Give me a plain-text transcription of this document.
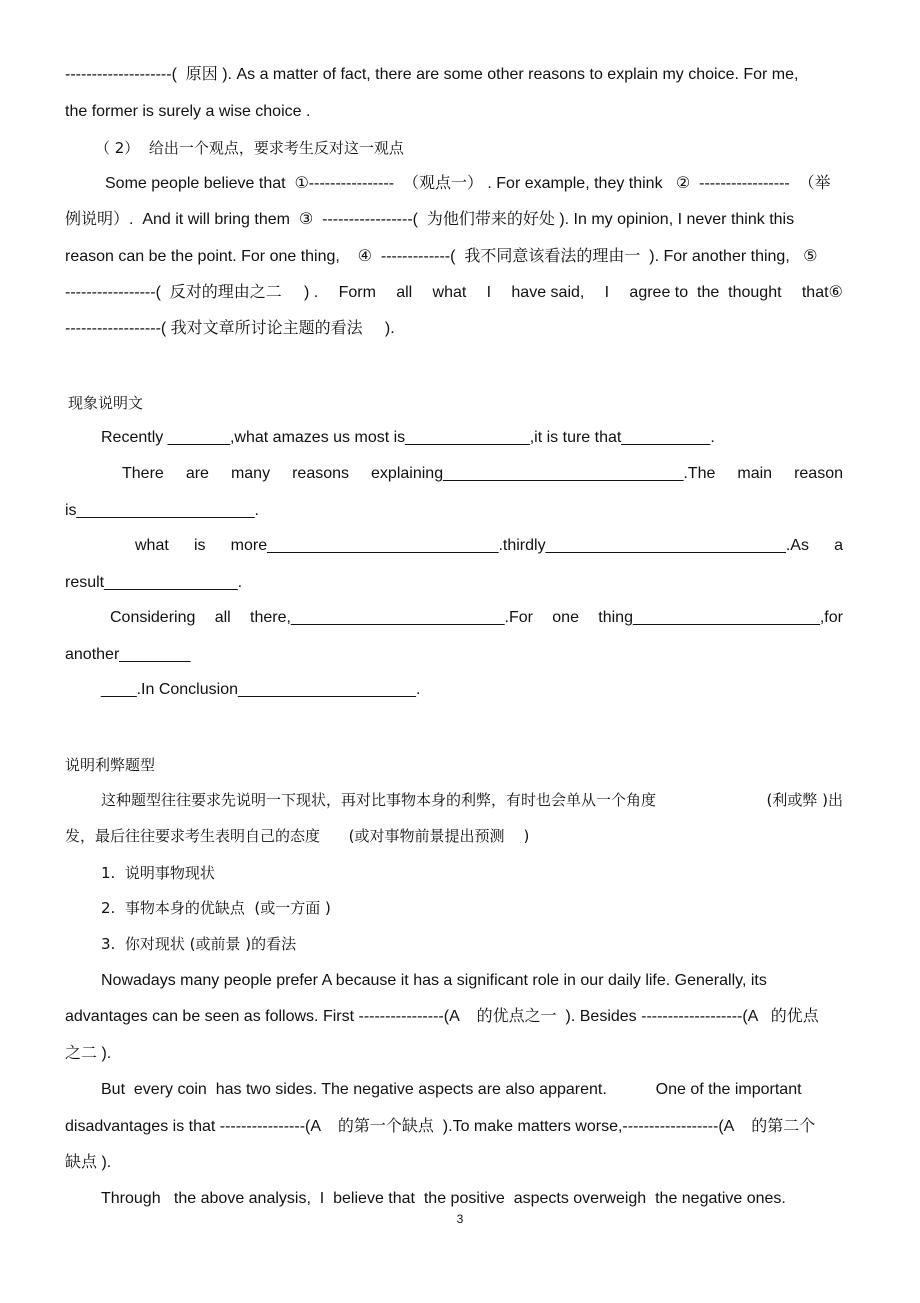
--------------------(  原因 ). As a matter of fact, there are some other reasons to explain my choice. For me,
the former is surely a wise choice .
（ 2）  给出一个观点，要求考生反对这一观点
Some people believe that  ①----------------  （观点一） . For example, they think   ②  -----------------  （举
例说明）.  And it will bring them  ③  -----------------(  为他们带来的好处 ). In my opinion, I never think this
reason can be the point. For one thing,    ④  -------------(  我不同意该看法的理由一  ). For another thing,   ⑤
-----------------(  反对的理由之二     ) . Form all what I have said, I agree to  the  thought that⑥
------------------( 我对文章所讨论主题的看法     ).
现象说明文
Recently _______,what amazes us most is______________,it is ture that__________.
There are many reasons explaining___________________________.The main reason
is____________________.
what is more__________________________.thirdly___________________________.As a
result_______________.
Considering all there,________________________.For one thing_____________________,for
another________
____.In Conclusion____________________.
说明利弊题型
这种题型往往要求先说明一下现状，再对比事物本身的利弊，有时也会单从一个角度	(利或弊 )出
发，最后往往要求考生表明自己的态度      (或对事物前景提出预测    )
1.  说明事物现状
2.  事物本身的优缺点  (或一方面 )
3.  你对现状 (或前景 )的看法
Nowadays many people prefer A because it has a significant role in our daily life. Generally, its
advantages can be seen as follows. First ----------------(A    的优点之一  ). Besides -------------------(A   的优点
之二 ).
But  every coin  has two sides. The negative aspects are also apparent.           One of the important
disadvantages is that ----------------(A    的第一个缺点  ).To make matters worse,------------------(A    的第二个
缺点 ).
Through   the above analysis,  I  believe that  the positive  aspects overweigh  the negative ones.
3
